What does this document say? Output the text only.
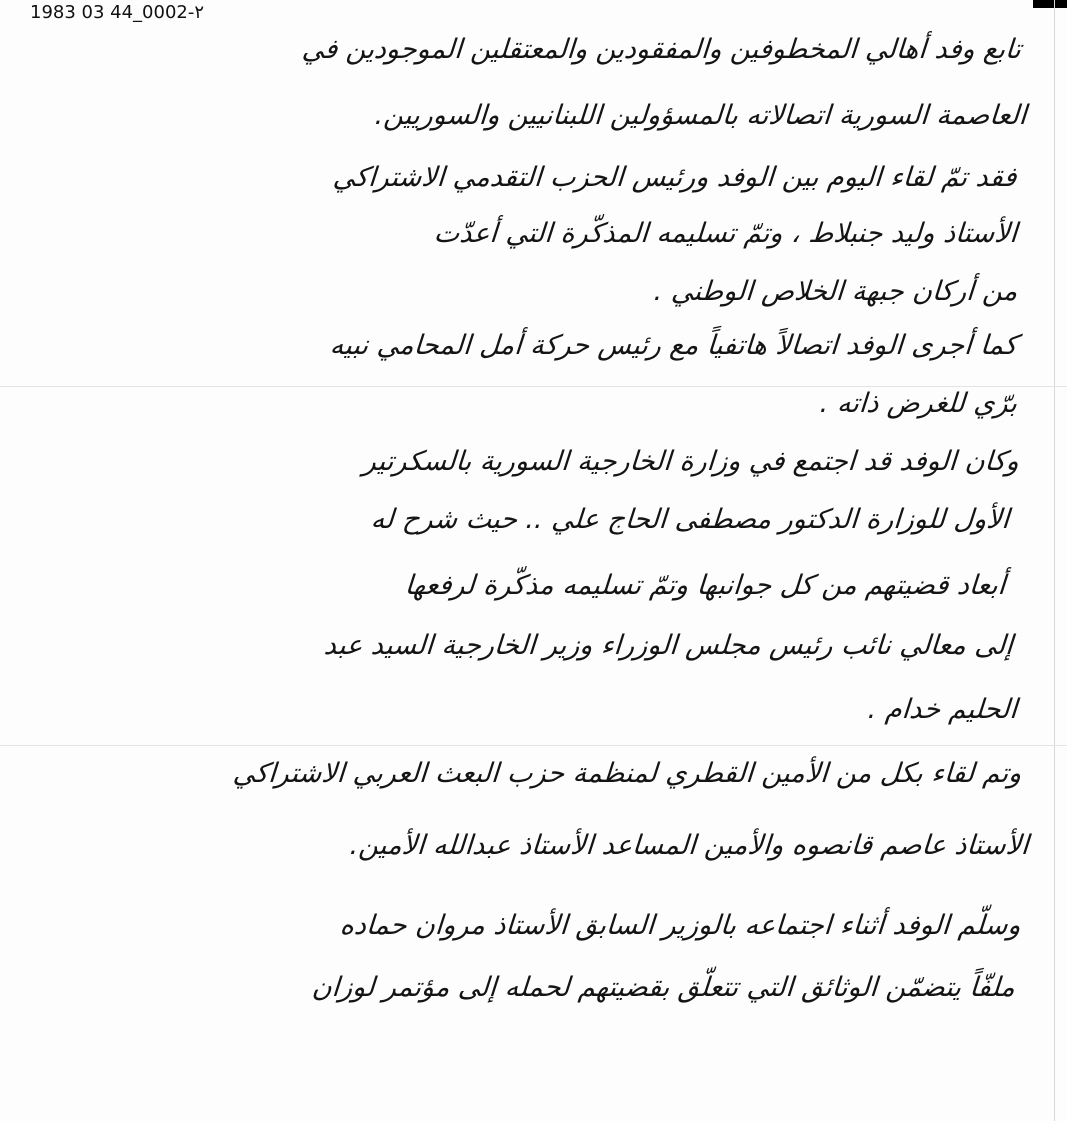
1983 03 44_0002-٢
تابع وفد أهالي المخطوفين والمفقودين والمعتقلين الموجودين في
العاصمة السورية اتصالاته بالمسؤولين اللبنانيين والسوريين.
فقد تمّ لقاء اليوم بين الوفد ورئيس الحزب التقدمي الاشتراكي
الأستاذ وليد جنبلاط ، وتمّ تسليمه المذكّرة التي أعدّت
من أركان جبهة الخلاص الوطني .
كما أجرى الوفد اتصالاً هاتفياً مع رئيس حركة أمل المحامي نبيه
برّي للغرض ذاته .
وكان الوفد قد اجتمع في وزارة الخارجية السورية بالسكرتير
الأول للوزارة الدكتور مصطفى الحاج علي .. حيث شرح له
أبعاد قضيتهم من كل جوانبها وتمّ تسليمه مذكّرة لرفعها
إلى معالي نائب رئيس مجلس الوزراء وزير الخارجية السيد عبد
الحليم خدام .
وتم لقاء بكل من الأمين القطري لمنظمة حزب البعث العربي الاشتراكي
الأستاذ عاصم قانصوه والأمين المساعد الأستاذ عبدالله الأمين.
وسلّم الوفد أثناء اجتماعه بالوزير السابق الأستاذ مروان حماده
ملفّاً يتضمّن الوثائق التي تتعلّق بقضيتهم لحمله إلى مؤتمر لوزان
